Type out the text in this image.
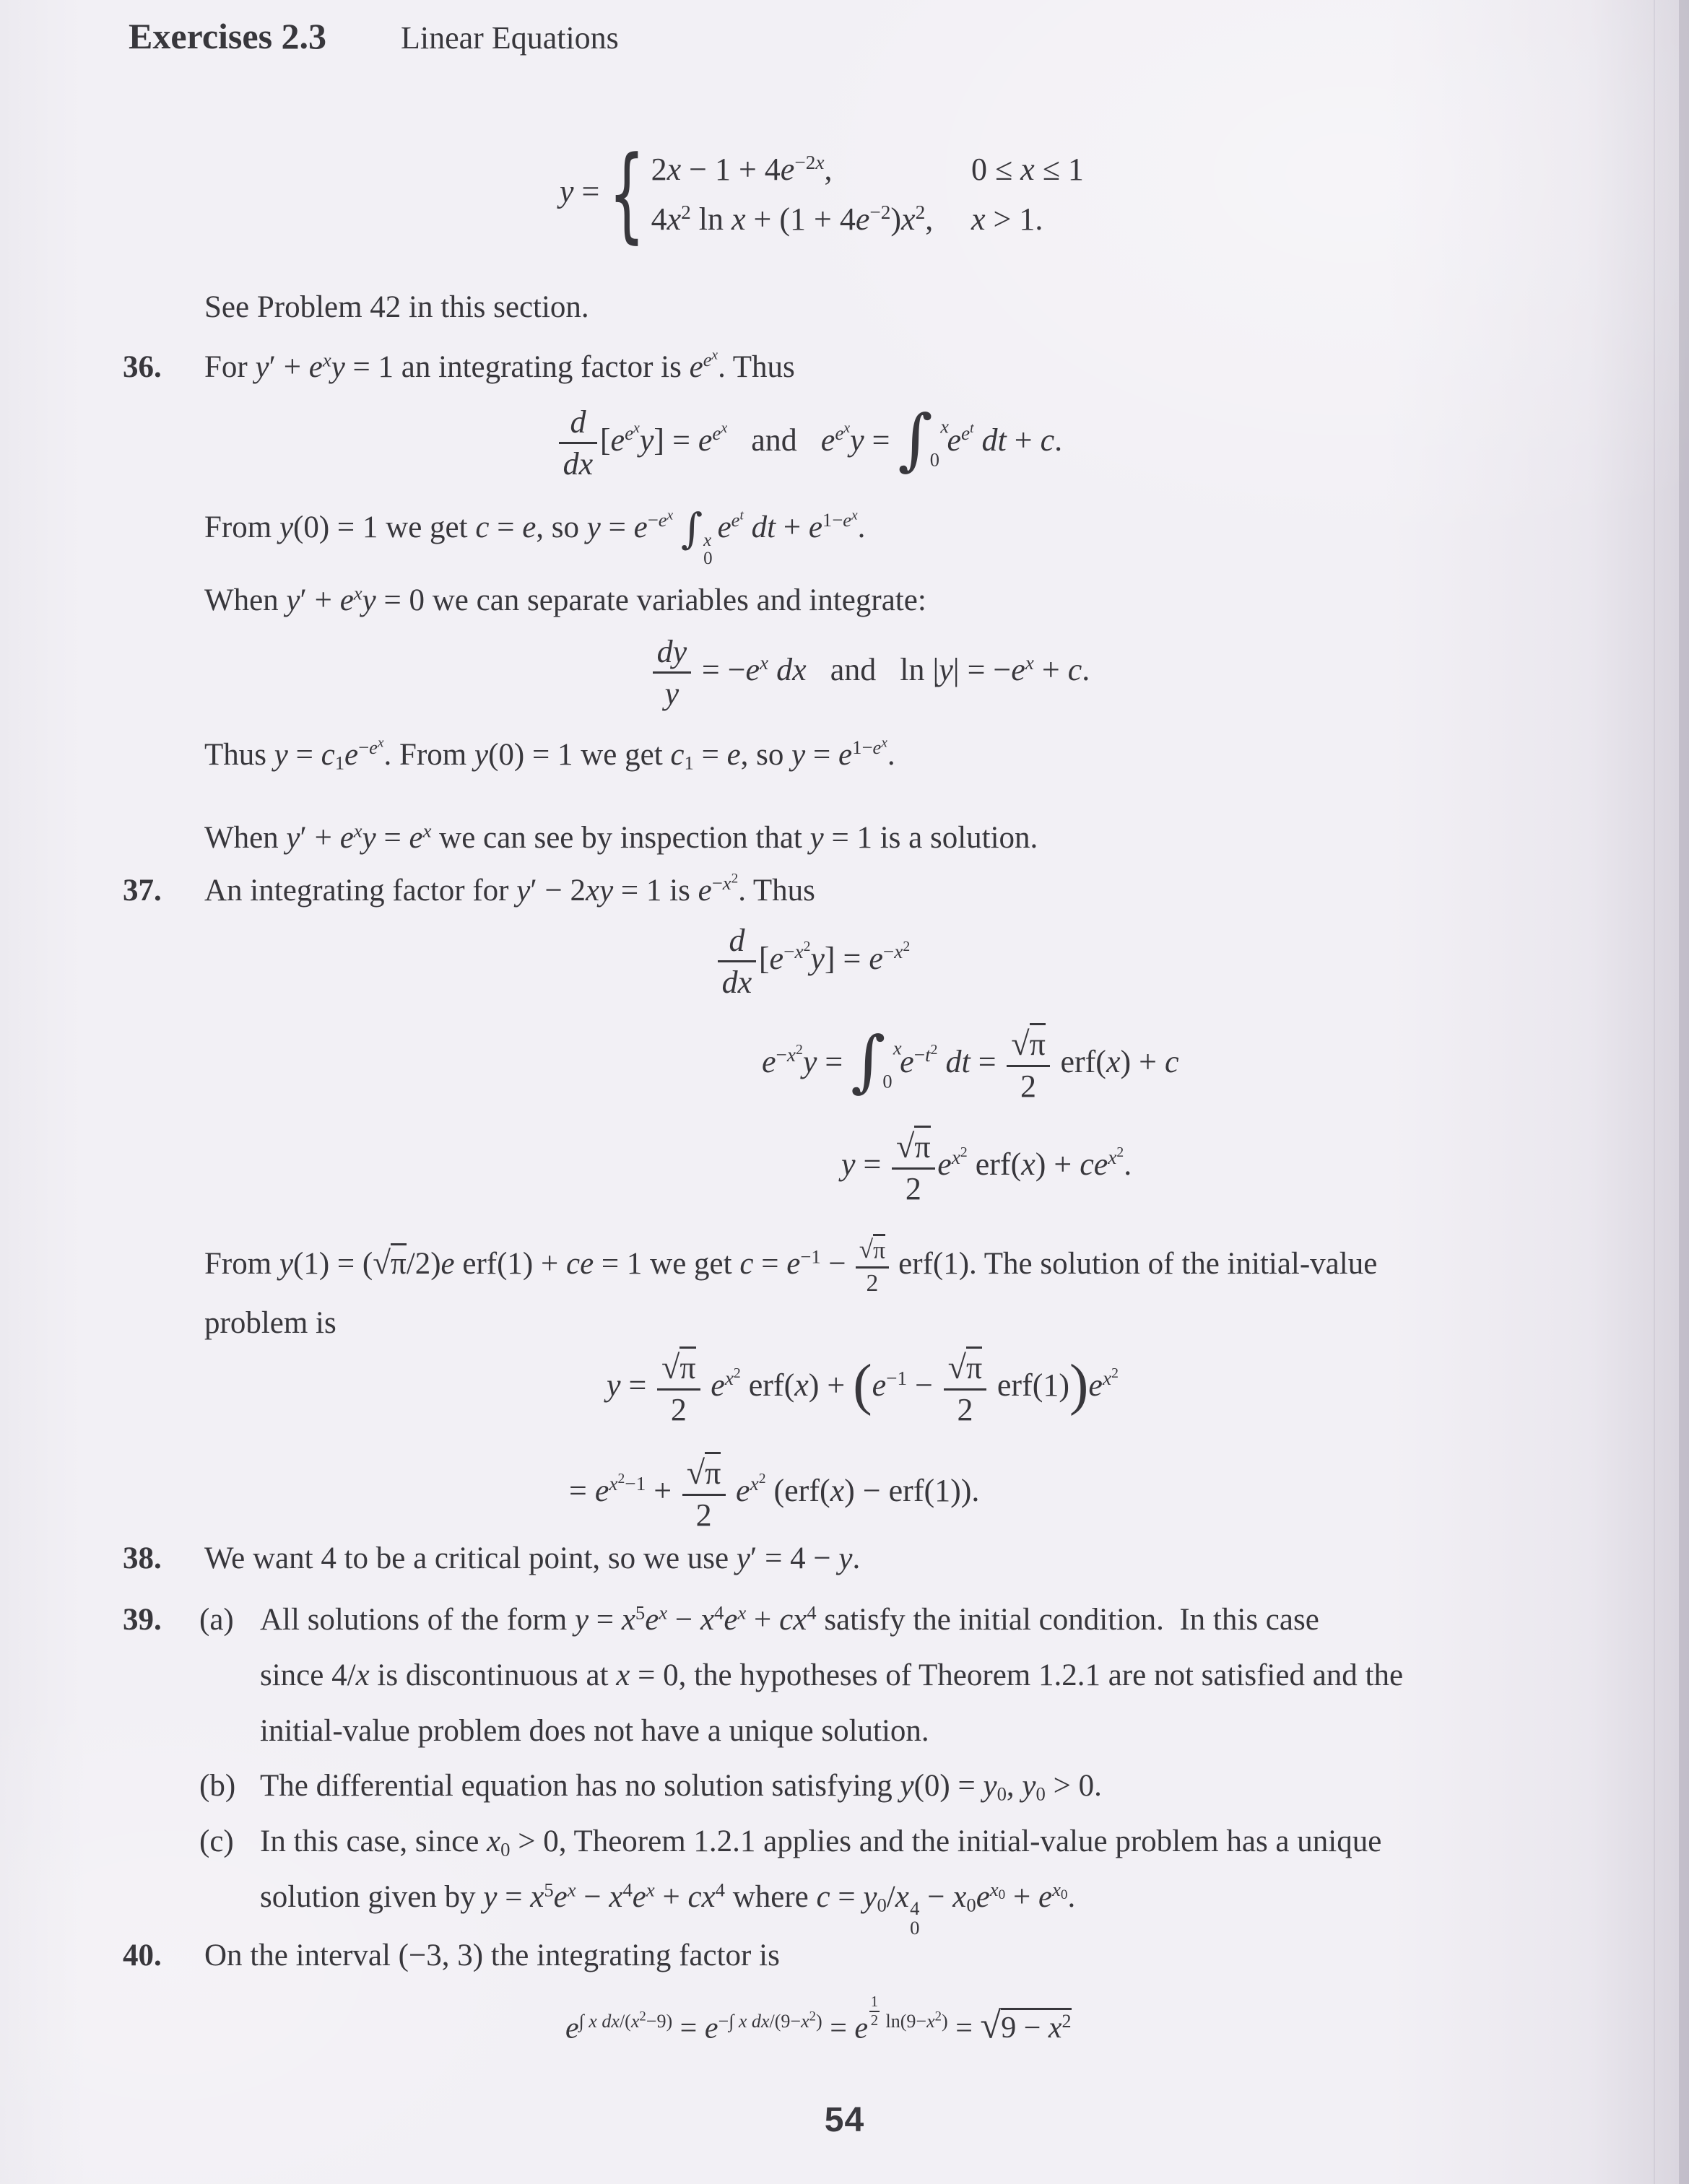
Exercises 2.3 Linear Equations
y = { $2x - 1 + 4e^{-2x}$,	0 ≤ x ≤ 1
$4x^2$ $\ln x + (1 + 4e^{-2})x^2$, x > 1.
See Problem 42 in this section.
36. For $y' + e^xy = 1$ an integrating factor is $e^{e^x}$. Thus
$\frac{d}{dx} [e^{e^x}y] = e^{e^x}$   and   $e^{e^x}y$ = ∫ x
0
$e^{e^t}$ dt + c.
From y(0) = 1 we get c = e, so $y = e^{-e^x}$ ∫ x
0
$e^{e^t}$ dt + $e^{1-e^x}$.
When $y' + e^xy = 0$ we can separate variables and integrate:
$\frac{dy}{y} = -e^x$ dx   and   $\ln |y| = -e^x + c$.
Thus $y = c_1e^{-e^x}$. From y(0) = 1 we get $c_1 = e$, so $y = e^{1-e^x}$.
When $y' + e^xy = e^x$ we can see by inspection that y = 1 is a solution.
37. An integrating factor for y′ − 2xy = 1 is $e^{-x^2}$. Thus
$\frac{d}{dx} [e^{-x^2}y] = e^{-x^2}$
$e^{-x^2}y$ = ∫ x
0
$e^{-t^2}$ dt = $\frac{√\pi}{2} erf(x) + c$
$y = \frac{√\pi}{2} e^{x^2}$ $erf(x) + ce^{x^2}$.
From y(1) = (√π/2)e erf(1) + ce = 1 we get $c = e^{-1} - \frac{√\pi}{2} erf(1)$. The solution of the initial-value
problem is
$y = \frac{√\pi}{2} e^{x^2}$ $erf(x) + (e^{-1} - \frac{√\pi}{2} erf(1))e^{x^2}$
= $e^{x^2-1} + \frac{√\pi}{2} e^{x^2}$ (erf(x) − erf(1)).
38. We want 4 to be a critical point, so we use y′ = 4 − y.
39. (a) All solutions of the form $y = x^5e^x - x^4e^x + cx^4$ satisfy the initial condition.  In this case
since 4/x is discontinuous at x = 0, the hypotheses of Theorem 1.2.1 are not satisfied and the
initial-value problem does not have a unique solution.
(b) The differential equation has no solution satisfying $y(0) = y_0$, $y_0 > 0$.
(c) In this case, since $x_0 > 0$, Theorem 1.2.1 applies and the initial-value problem has a unique
solution given by $y = x^5e^x - x^4e^x + cx^4$ where $c = y_0/x$ 4
0
− $x_0e^{x_0} + e^{x_0}$.
40. On the interval (−3, 3) the integrating factor is
$e^{\int x dx/(x^2-9)} = e^{-\int x dx/(9-x^2)} = e$ $^{\frac{1}{2} ln(9-x^2)} = √9 - x^2$
54
